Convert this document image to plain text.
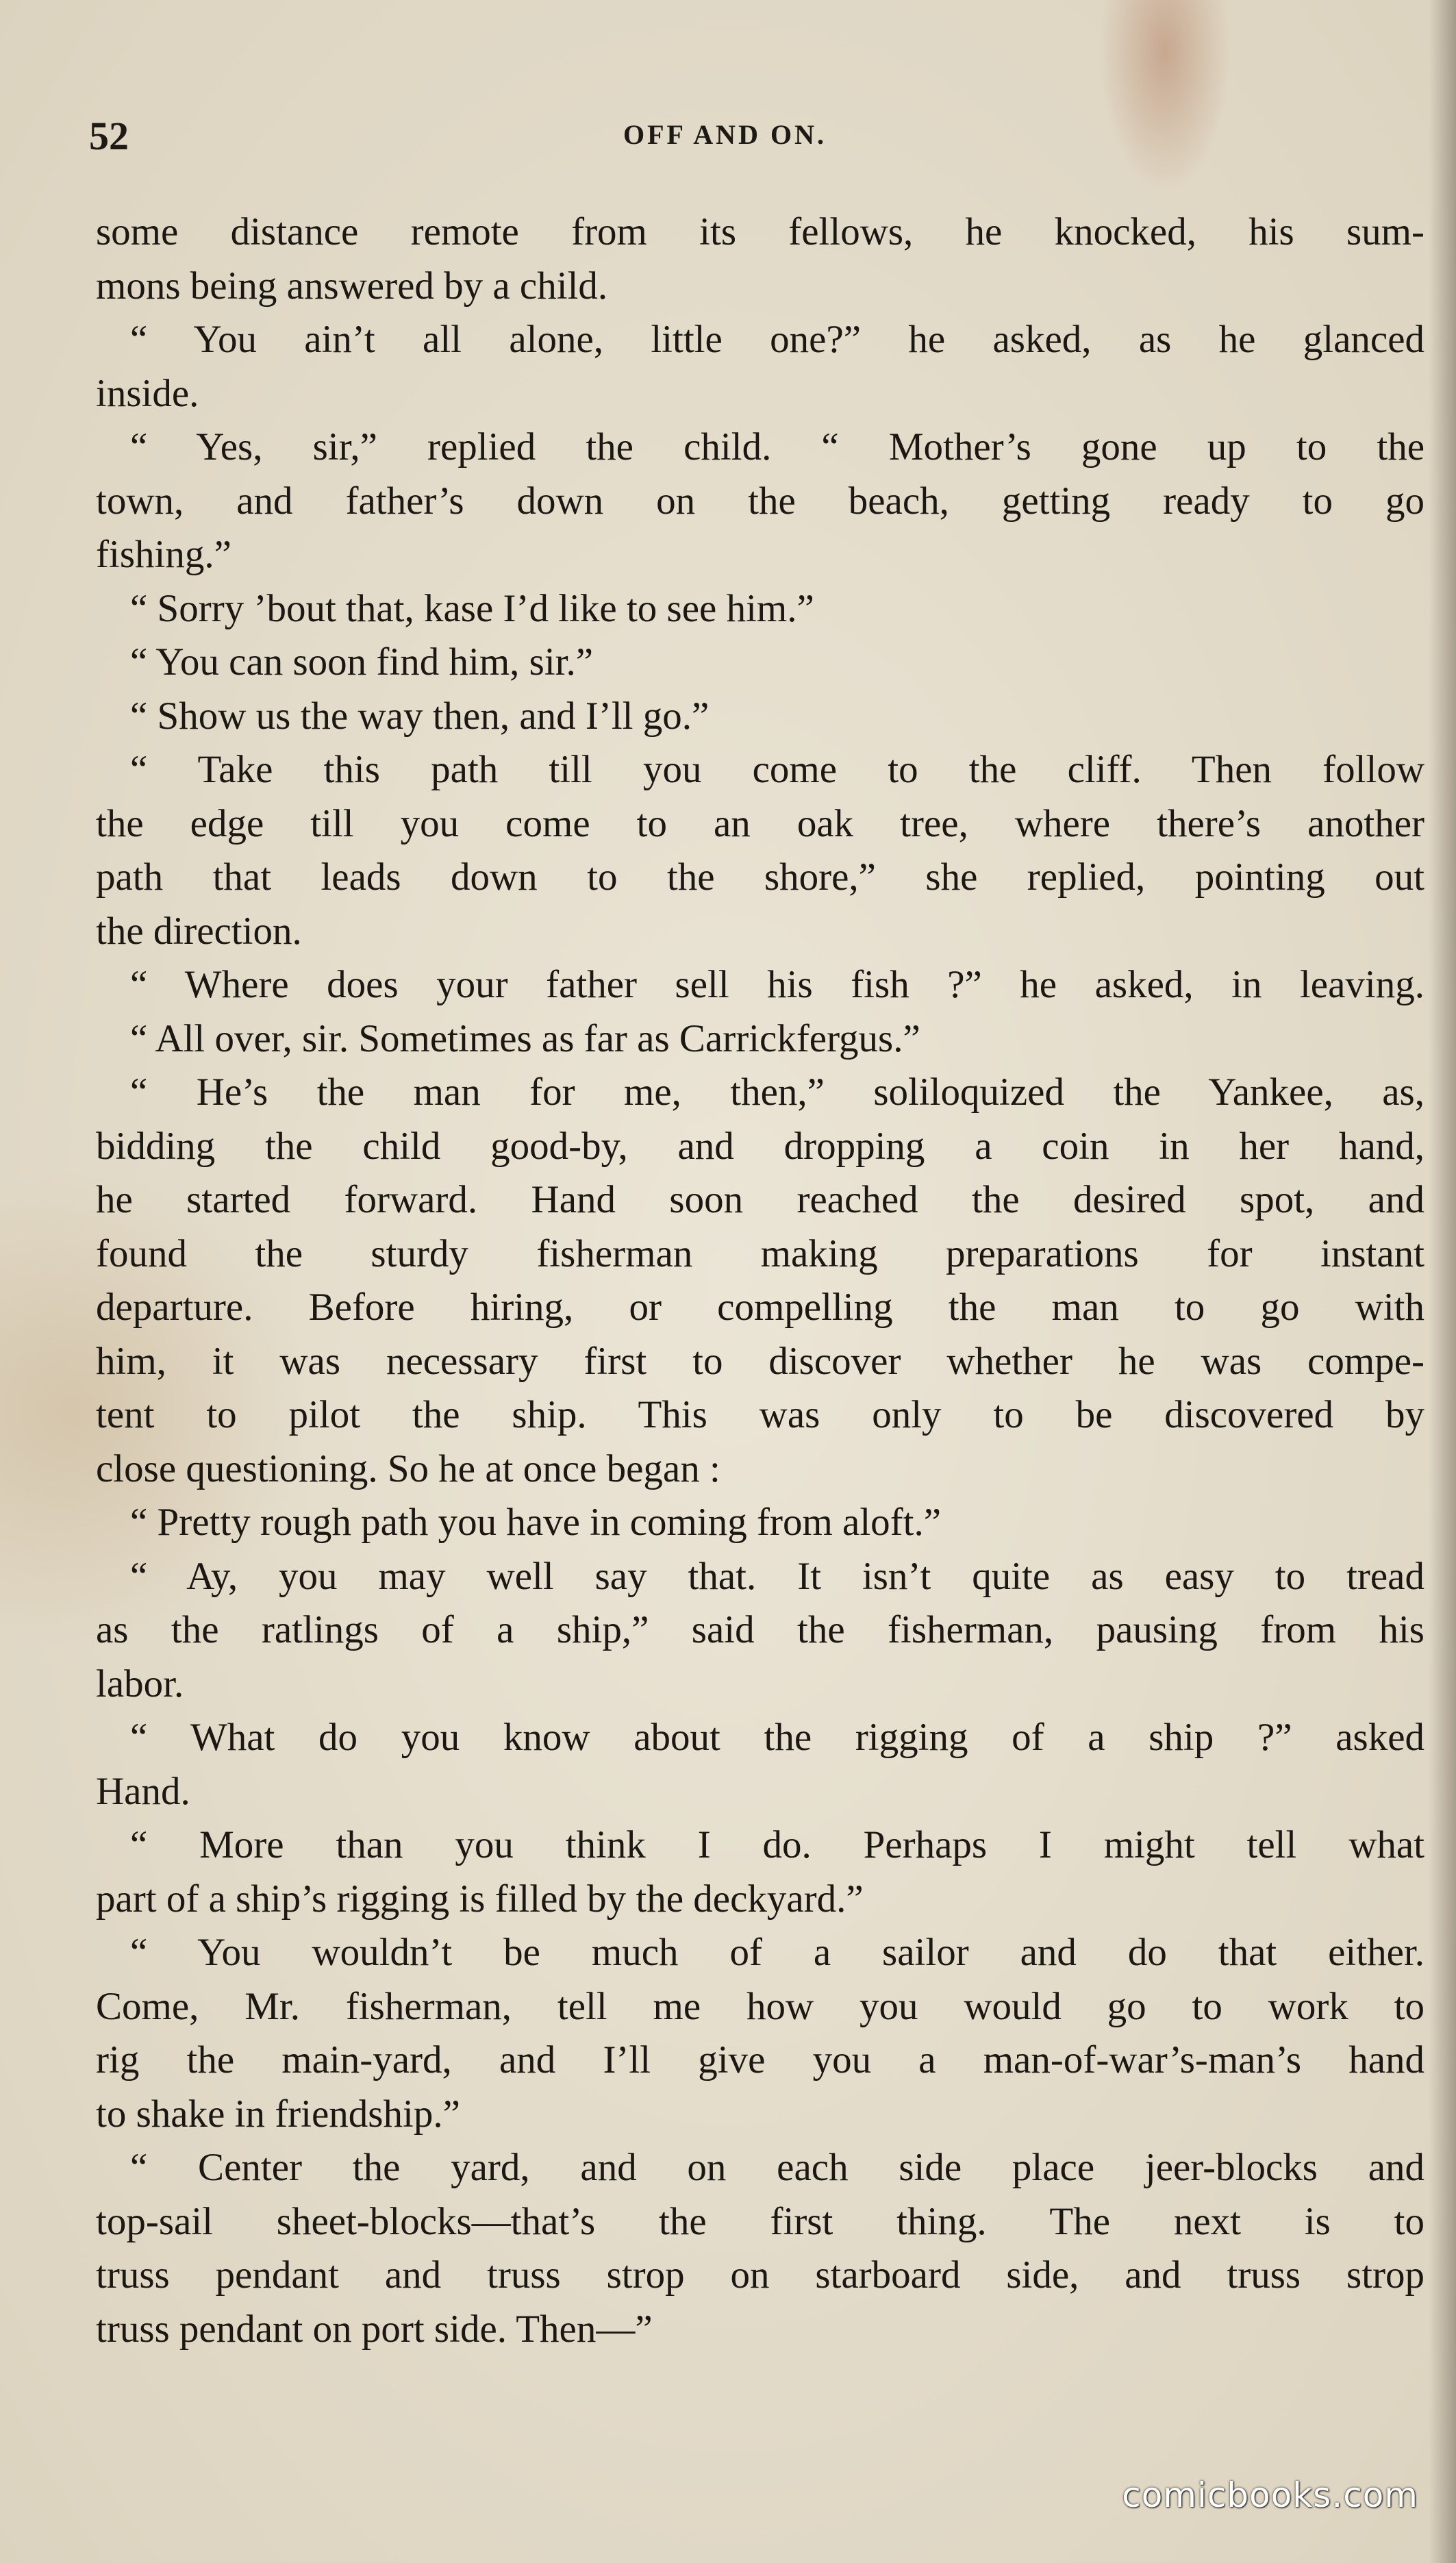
52	OFF AND ON.
some distance remote from its fellows, he knocked, his sum-
mons being answered by a child.
“ You ain’t all alone, little one?” he asked, as he glanced
inside.
“ Yes, sir,” replied the child. “ Mother’s gone up to the
town, and father’s down on the beach, getting ready to go
fishing.”
“ Sorry ’bout that, kase I’d like to see him.”
“ You can soon find him, sir.”
“ Show us the way then, and I’ll go.”
“ Take this path till you come to the cliff. Then follow
the edge till you come to an oak tree, where there’s another
path that leads down to the shore,” she replied, pointing out
the direction.
“ Where does your father sell his fish ?” he asked, in leaving.
“ All over, sir. Sometimes as far as Carrickfergus.”
“ He’s the man for me, then,” soliloquized the Yankee, as,
bidding the child good-by, and dropping a coin in her hand,
he started forward. Hand soon reached the desired spot, and
found the sturdy fisherman making preparations for instant
departure. Before hiring, or compelling the man to go with
him, it was necessary first to discover whether he was compe-
tent to pilot the ship. This was only to be discovered by
close questioning. So he at once began :
“ Pretty rough path you have in coming from aloft.”
“ Ay, you may well say that. It isn’t quite as easy to tread
as the ratlings of a ship,” said the fisherman, pausing from his
labor.
“ What do you know about the rigging of a ship ?” asked
Hand.
“ More than you think I do. Perhaps I might tell what
part of a ship’s rigging is filled by the deckyard.”
“ You wouldn’t be much of a sailor and do that either.
Come, Mr. fisherman, tell me how you would go to work to
rig the main-yard, and I’ll give you a man-of-war’s-man’s hand
to shake in friendship.”
“ Center the yard, and on each side place jeer-blocks and
top-sail sheet-blocks—that’s the first thing. The next is to
truss pendant and truss strop on starboard side, and truss strop
truss pendant on port side. Then—”
comicbooks.com
